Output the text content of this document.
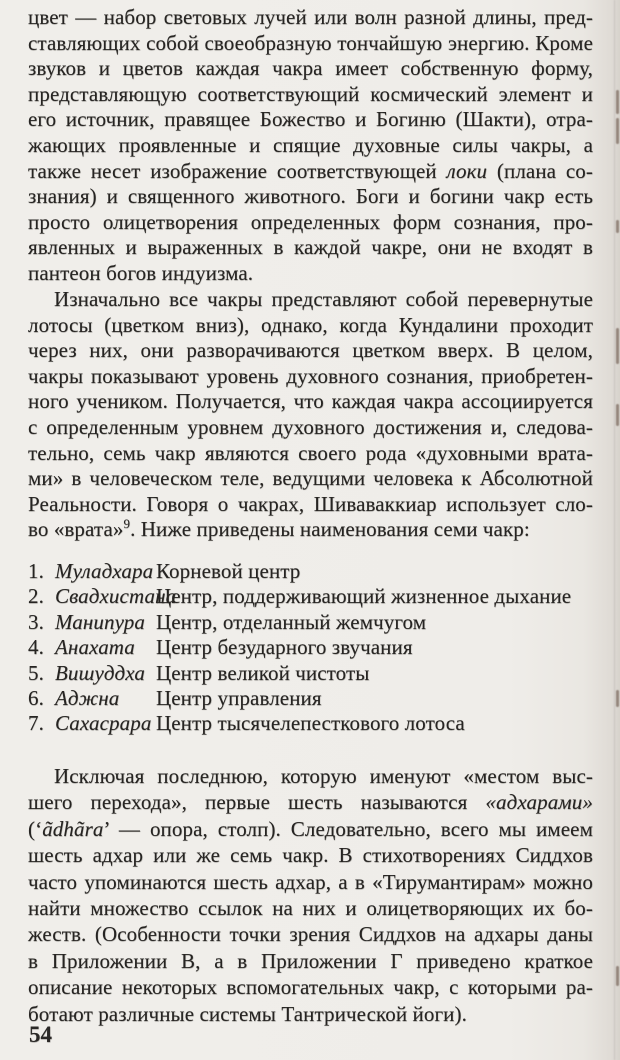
цвет — набор световых лучей или волн разной длины, пред-
ставляющих собой своеобразную тончайшую энергию. Кроме
звуков и цветов каждая чакра имеет собственную форму,
представляющую соответствующий космический элемент и
его источник, правящее Божество и Богиню (Шакти), отра-
жающих проявленные и спящие духовные силы чакры, а
также несет изображение соответствующей локи (плана со-
знания) и священного животного. Боги и богини чакр есть
просто олицетворения определенных форм сознания, про-
явленных и выраженных в каждой чакре, они не входят в
пантеон богов индуизма.
Изначально все чакры представляют собой перевернутые
лотосы (цветком вниз), однако, когда Кундалини проходит
через них, они разворачиваются цветком вверх. В целом,
чакры показывают уровень духовного сознания, приобретен-
ного учеником. Получается, что каждая чакра ассоциируется
с определенным уровнем духовного достижения и, следова-
тельно, семь чакр являются своего рода «духовными врата-
ми» в человеческом теле, ведущими человека к Абсолютной
Реальности. Говоря о чакрах, Шиваваккиар использует сло-
во «врата»$^9$. Ниже приведены наименования семи чакр:
1. Муладхара Корневой центр
2. Свадхистана
Центр, поддерживающий жизненное дыхание
3. Манипура Центр, отделанный жемчугом
4. Анахата	Центр безударного звучания
5. Вишуддха Центр великой чистоты
6. Аджна	Центр управления
7. Сахасрара Центр тысячелепесткового лотоса
Исключая последнюю, которую именуют «местом выс-
шего перехода», первые шесть называются «адхарами»
(‘ãdhãra’ — опора, столп). Следовательно, всего мы имеем
шесть адхар или же семь чакр. В стихотворениях Сиддхов
часто упоминаются шесть адхар, а в «Тирумантирам» можно
найти множество ссылок на них и олицетворяющих их бо-
жеств. (Особенности точки зрения Сиддхов на адхары даны
в Приложении В, а в Приложении Г приведено краткое
описание некоторых вспомогательных чакр, с которыми ра-
ботают различные системы Тантрической йоги).
54
